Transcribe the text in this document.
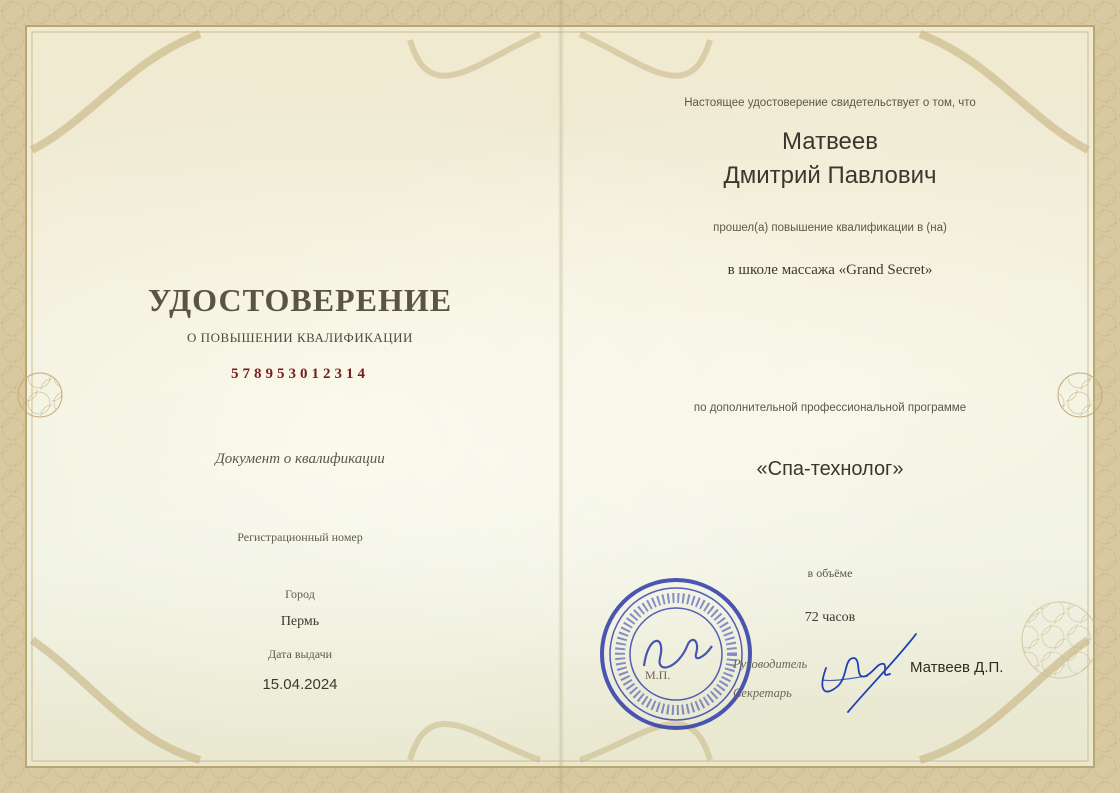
УДОСТОВЕРЕНИЕ
О ПОВЫШЕНИИ КВАЛИФИКАЦИИ
578953012314
Документ о квалификации
Регистрационный номер
Город
Пермь
Дата выдачи
15.04.2024
Настоящее удостоверение свидетельствует о том, что
Матвеев
Дмитрий Павлович
прошел(а) повышение квалификации в (на)
в школе массажа «Grand Secret»
по дополнительной профессиональной программе
«Спа-технолог»
в объёме
72 часов
М.П.
Руководитель
Секретарь
Матвеев Д.П.
